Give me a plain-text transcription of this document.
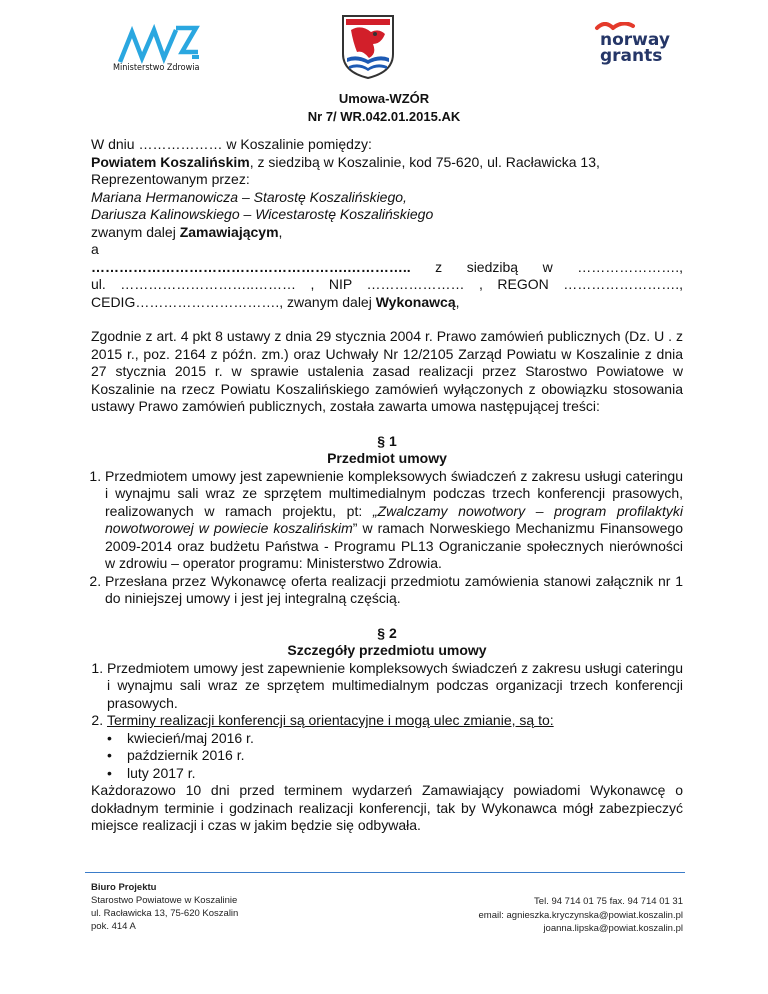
Ministerstwo Zdrowia
norway
grants
Umowa-WZÓR
Nr 7/ WR.042.01.2015.AK

W dniu ……………… w Koszalinie pomiędzy:

Powiatem Koszalińskim, z siedzibą w Koszalinie, kod 75-620, ul. Racławicka 13,

Reprezentowanym przez:

Mariana Hermanowicza – Starostę Koszalińskiego,

Dariusza Kalinowskiego – Wicestarostę Koszalińskiego

zwanym dalej Zamawiającym,

a

……………………………………………….………….. z siedzibą w ………………….,

ul. ………………………..……… , NIP ………………… , REGON …………………….,

CEDIG…………………………., zwanym dalej Wykonawcą,

Zgodnie z art. 4 pkt 8 ustawy z dnia 29 stycznia 2004 r. Prawo zamówień publicznych (Dz. U . z 2015 r., poz. 2164 z późn. zm.) oraz Uchwały Nr 12/2105 Zarząd Powiatu w Koszalinie z dnia 27 stycznia 2015 r. w sprawie ustalenia zasad realizacji przez Starostwo Powiatowe w Koszalinie na rzecz Powiatu Koszalińskiego zamówień wyłączonych z obowiązku stosowania ustawy Prawo zamówień publicznych, została zawarta umowa następującej treści:

§ 1

Przedmiot umowy

1. Przedmiotem umowy jest zapewnienie kompleksowych świadczeń z zakresu usługi cateringu i wynajmu sali wraz ze sprzętem multimedialnym podczas trzech konferencji prasowych, realizowanych w ramach projektu, pt: „Zwalczamy nowotwory – program profilaktyki nowotworowej w powiecie koszalińskim” w ramach Norweskiego Mechanizmu Finansowego 2009-2014 oraz budżetu Państwa - Programu PL13 Ograniczanie społecznych nierówności w zdrowiu – operator programu: Ministerstwo Zdrowia.
2. Przesłana przez Wykonawcę oferta realizacji przedmiotu zamówienia stanowi załącznik nr 1 do niniejszej umowy i jest jej integralną częścią.

§ 2

Szczegóły przedmiotu umowy

1. Przedmiotem umowy jest zapewnienie kompleksowych świadczeń z zakresu usługi cateringu i wynajmu sali wraz ze sprzętem multimedialnym podczas organizacji trzech konferencji prasowych.
2. Terminy realizacji konferencji są orientacyjne i mogą ulec zmianie, są to:
• kwiecień/maj 2016 r.
• październik 2016 r.
• luty 2017 r.

Każdorazowo 10 dni przed terminem wydarzeń Zamawiający powiadomi Wykonawcę o dokładnym terminie i godzinach realizacji konferencji, tak by Wykonawca mógł zabezpieczyć miejsce realizacji i czas w jakim będzie się odbywała.

Biuro Projektu
Starostwo Powiatowe w Koszalinie
ul. Racławicka 13, 75-620 Koszalin
pok. 414 A
Tel. 94 714 01 75 fax. 94 714 01 31
email: agnieszka.kryczynska@powiat.koszalin.pl
joanna.lipska@powiat.koszalin.pl
